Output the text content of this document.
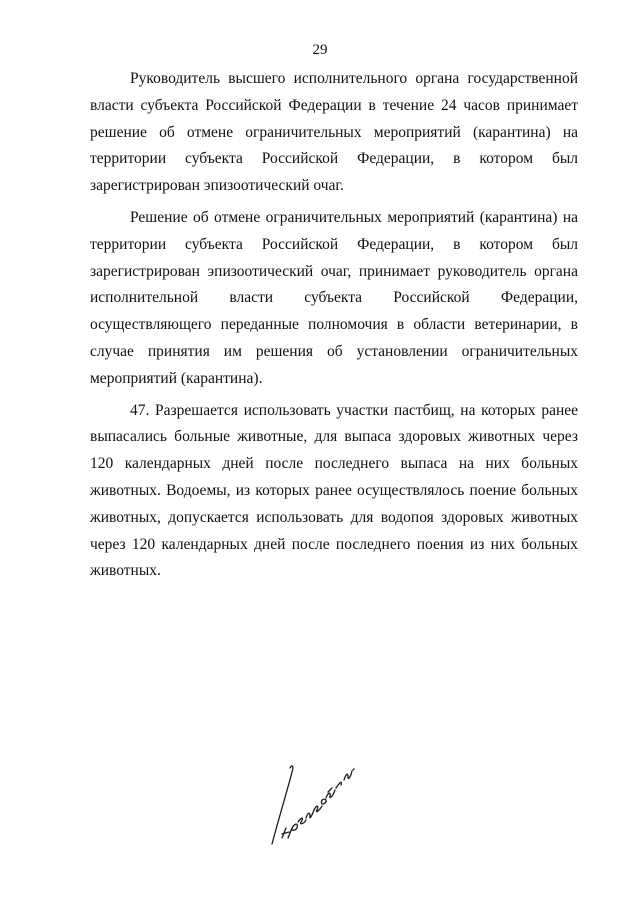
29

Руководитель высшего исполнительного органа государственной власти субъекта Российской Федерации в течение 24 часов принимает решение об отмене ограничительных мероприятий (карантина) на территории субъекта Российской Федерации, в котором был зарегистрирован эпизоотический очаг.

Решение об отмене ограничительных мероприятий (карантина) на территории субъекта Российской Федерации, в котором был зарегистрирован эпизоотический очаг, принимает руководитель органа исполнительной власти субъекта Российской Федерации, осуществляющего переданные полномочия в области ветеринарии, в случае принятия им решения об установлении ограничительных мероприятий (карантина).

47. Разрешается использовать участки пастбищ, на которых ранее выпасались больные животные, для выпаса здоровых животных через 120 календарных дней после последнего выпаса на них больных животных. Водоемы, из которых ранее осуществлялось поение больных животных, допускается использовать для водопоя здоровых животных через 120 календарных дней после последнего поения из них больных животных.
